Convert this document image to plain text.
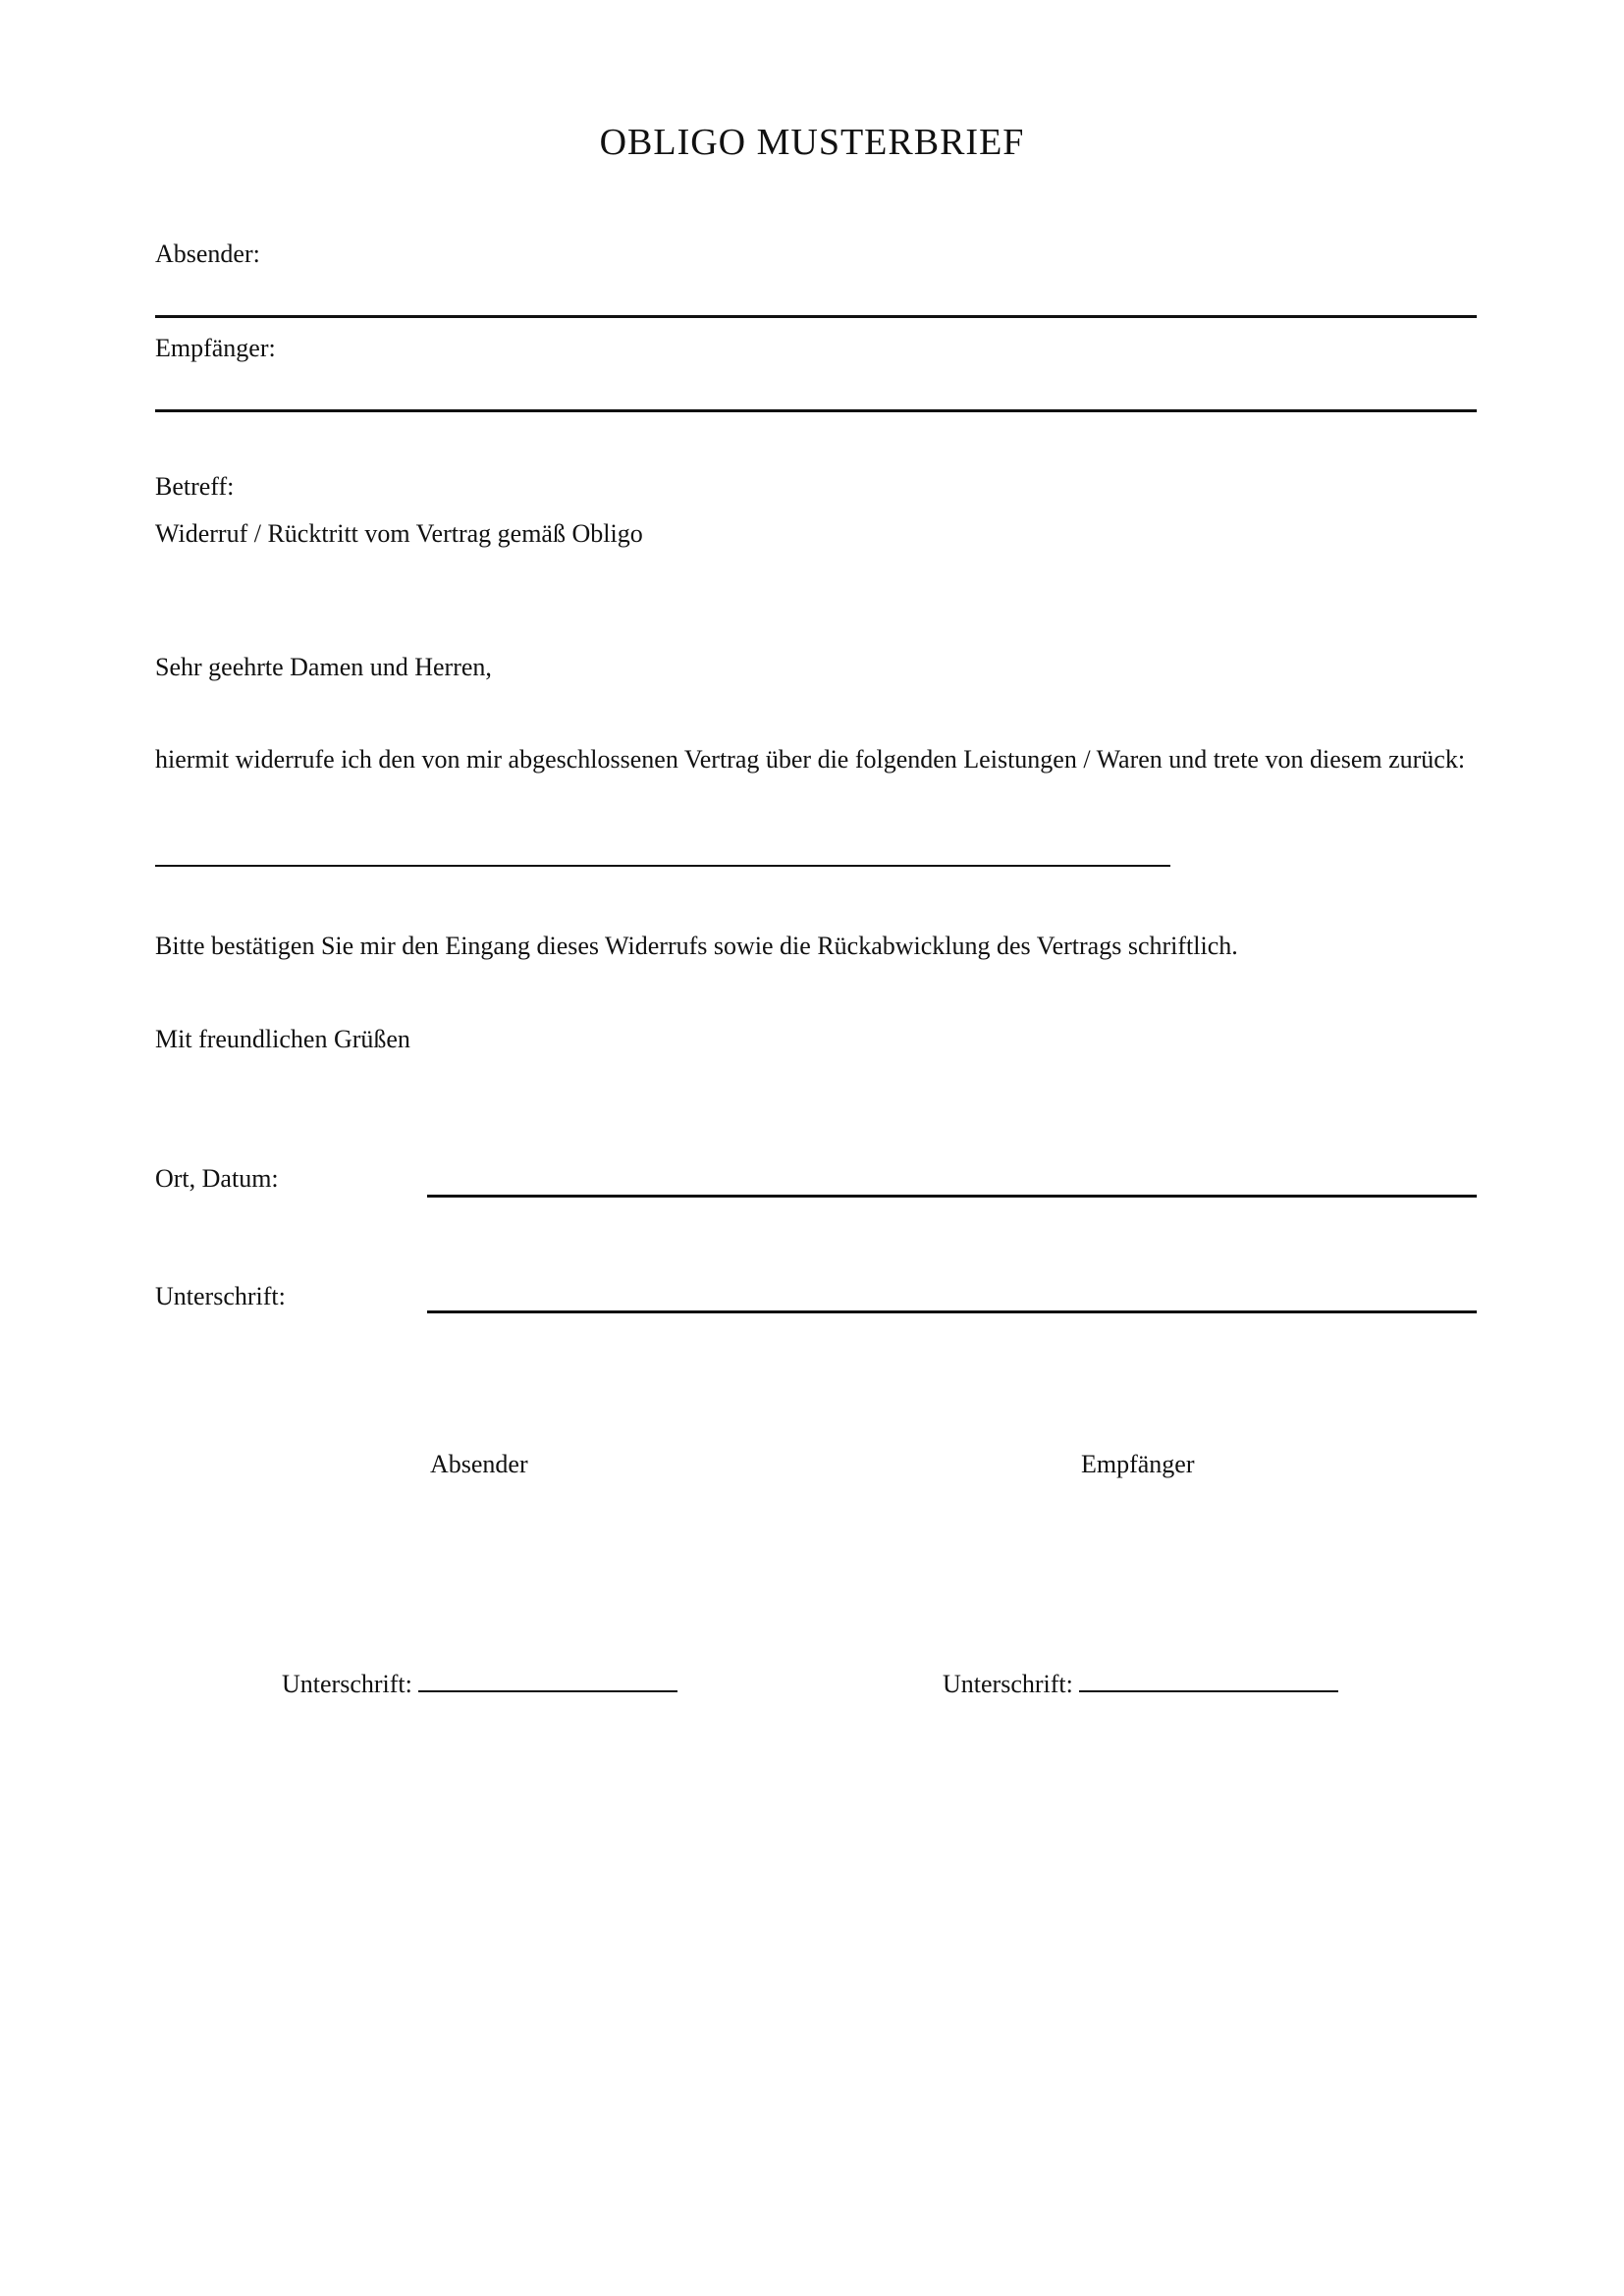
OBLIGO MUSTERBRIEF
Absender:
Empfänger:
Betreff:
Widerruf / Rücktritt vom Vertrag gemäß Obligo
Sehr geehrte Damen und Herren,
hiermit widerrufe ich den von mir abgeschlossenen Vertrag über die folgenden Leistungen / Waren und trete von diesem zurück:
Bitte bestätigen Sie mir den Eingang dieses Widerrufs sowie die Rückabwicklung des Vertrags schriftlich.
Mit freundlichen Grüßen
Ort, Datum:
Unterschrift:
Absender	Empfänger
Unterschrift:	Unterschrift:
